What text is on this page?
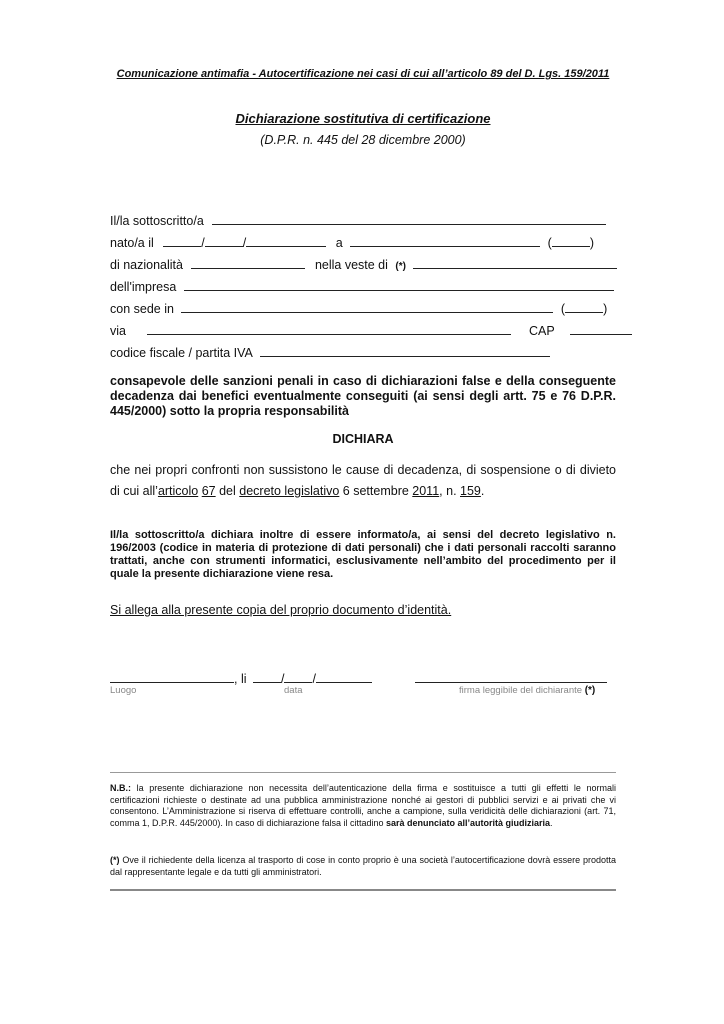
Comunicazione antimafia - Autocertificazione nei casi di cui all’articolo 89 del D. Lgs. 159/2011
Dichiarazione sostitutiva di certificazione
(D.P.R. n. 445 del 28 dicembre 2000)
Il/la sottoscritto/a
nato/a il	/	/	a	(	)
di nazionalità	nella veste di (*)
dell'impresa
con sede in	(	)
via	CAP
codice fiscale / partita IVA
consapevole delle sanzioni penali in caso di dichiarazioni false e della conseguente decadenza dai benefici eventualmente conseguiti (ai sensi degli artt. 75 e 76 D.P.R. 445/2000) sotto la propria responsabilità
DICHIARA
che nei propri confronti non sussistono le cause di decadenza, di sospensione o di divieto di cui all’articolo 67 del decreto legislativo 6 settembre 2011, n. 159.
Il/la sottoscritto/a dichiara inoltre di essere informato/a, ai sensi del decreto legislativo n. 196/2003 (codice in materia di protezione di dati personali) che i dati personali raccolti saranno trattati, anche con strumenti informatici, esclusivamente nell’ambito del procedimento per il quale la presente dichiarazione viene resa.
Si allega alla presente copia del proprio documento d’identità.
, li	/ /
Luogo	data	firma leggibile del dichiarante (*)
N.B.: la presente dichiarazione non necessita dell’autenticazione della firma e sostituisce a tutti gli effetti le normali certificazioni richieste o destinate ad una pubblica amministrazione nonché ai gestori di pubblici servizi e ai privati che vi consentono. L’Amministrazione si riserva di effettuare controlli, anche a campione, sulla veridicità delle dichiarazioni (art. 71, comma 1, D.P.R. 445/2000). In caso di dichiarazione falsa il cittadino sarà denunciato all’autorità giudiziaria.
(*) Ove il richiedente della licenza al trasporto di cose in conto proprio è una società l’autocertificazione dovrà essere prodotta dal rappresentante legale e da tutti gli amministratori.
